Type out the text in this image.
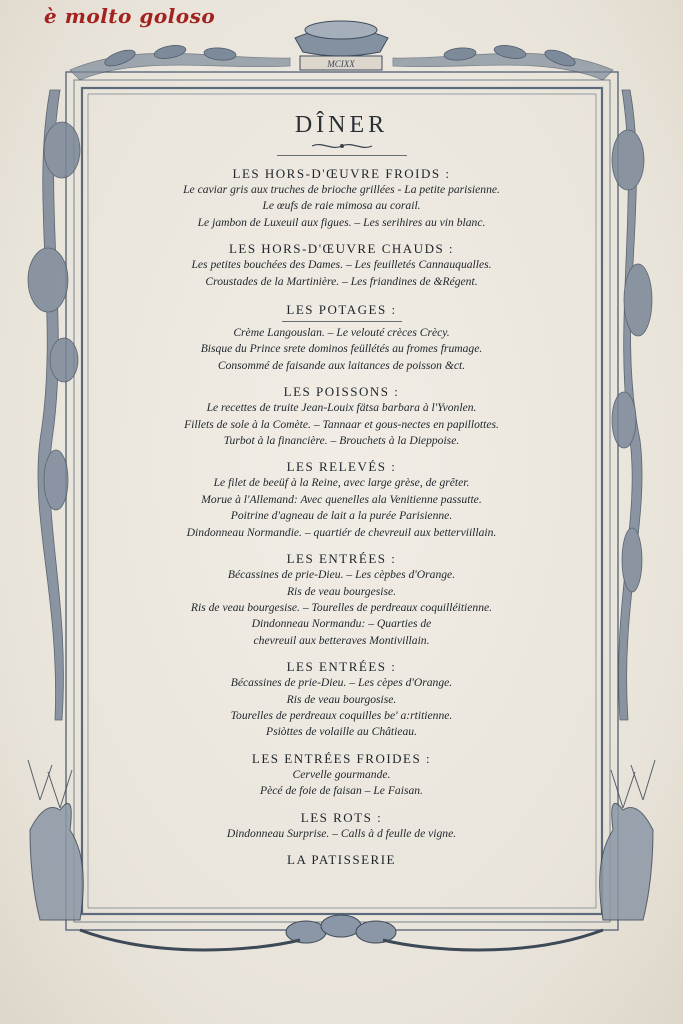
è molto goloso
MCIXX
DÎNER

LES HORS-D'ŒUVRE FROIDS :

Le caviar gris aux truches de brioche grillées - La petite parisienne.

Le œufs de raie mimosa au corail.

Le jambon de Luxeuil aux figues. – Les serihires au vin blanc.

LES HORS-D'ŒUVRE CHAUDS :

Les petites bouchées des Dames. – Les feuilletés Cannauqualles.

Croustades de la Martinière. – Les friandines de &Régent.

LES POTAGES :

Crème Langouslan. – Le velouté crèces Crècy.

Bisque du Prince srete dominos feüllétés au fromes frumage.

Consommé de faisande aux laitances de poisson &ct.

LES POISSONS :

Le recettes de truite Jean-Louix fätsa barbara à l'Yvonlen.

Fillets de sole à la Comète. – Tannaar et gous-nectes en papillottes.

Turbot à la financière. – Brouchets à la Dieppoise.

LES RELEVÉS :

Le filet de beeüf à la Reine, avec large grèse, de grêter.

Morue à l'Allemand: Avec quenelles ala Venitienne passutte.

Poitrine d'agneau de lait a la purée Parisienne.

Dindonneau Normandie. – quartiér de chevreuil aux betterviillain.

LES ENTRÉES :

Bécassines de prie-Dieu. – Les cèpbes d'Orange.

Ris de veau bourgesise.

Ris de veau bourgesise. – Tourelles de perdreaux coquilléitienne.

Dindonneau Normandu: – Quarties de

chevreuil aux betteraves Montivillain.

LES ENTRÉES :

Bécassines de prie-Dieu. – Les cèpes d'Orange.

Ris de veau bourgosise.

Tourelles de perdreaux coquilles be' a:rtitienne.

Psiòttes de volaille au Châtieau.

LES ENTRÉES FROIDES :

Cervelle gourmande.

Pècé de foie de faisan – Le Faisan.

LES ROTS :

Dindonneau Surprise. – Calls à d feulle de vigne.

LA PATISSERIE
